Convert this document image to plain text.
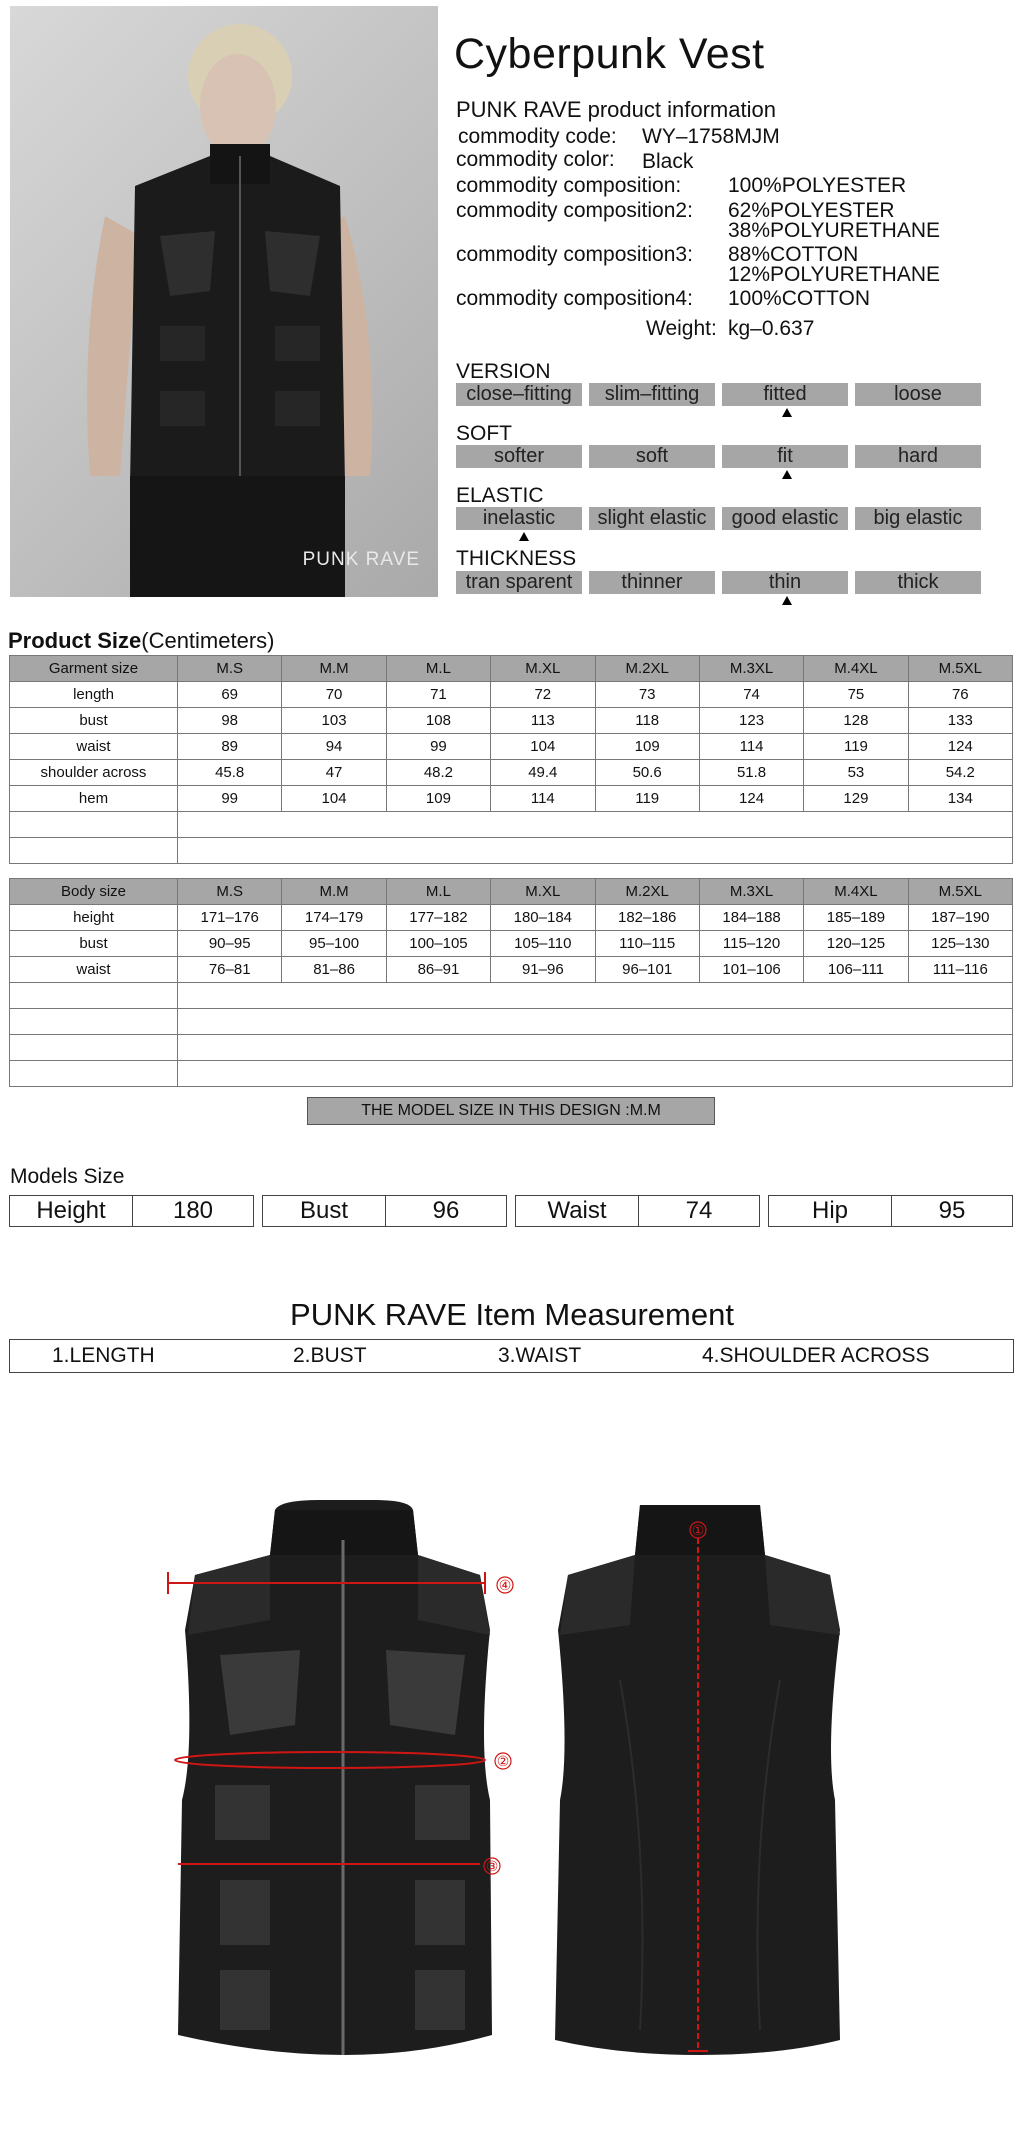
PUNK RAVE
Cyberpunk Vest
PUNK RAVE product information
commodity code: WY–1758MJM
commodity color: Black
commodity composition: 100%POLYESTER
commodity composition2: 62%POLYESTER
38%POLYURETHANE
commodity composition3: 88%COTTON
12%POLYURETHANE
commodity composition4: 100%COTTON
Weight: kg–0.637
VERSION
close–fitting	slim–fitting	fitted	loose
SOFT
softer	soft	fit	hard
ELASTIC
inelastic	slight elastic	good elastic	big elastic
THICKNESS
tran sparent	thinner	thin	thick
Product Size(Centimeters)
Garment size	M.S	M.M	M.L	M.XL	M.2XL	M.3XL	M.4XL	M.5XL
length	69	70	71	72	73	74	75	76
bust	98	103	108	113	118	123	128	133
waist	89	94	99	104	109	114	119	124
shoulder across	45.8	47	48.2	49.4	50.6	51.8	53	54.2
hem	99	104	109	114	119	124	129	134

Body size	M.S	M.M	M.L	M.XL	M.2XL	M.3XL	M.4XL	M.5XL
height	171–176	174–179	177–182	180–184	182–186	184–188	185–189	187–190
bust	90–95	95–100	100–105	105–110	110–115	115–120	120–125	125–130
waist	76–81	81–86	86–91	91–96	96–101	101–106	106–111	111–116

THE MODEL SIZE IN THIS DESIGN :M.M
Models Size
Height	180	Bust	96	Waist	74	Hip	95
PUNK RAVE Item Measurement
1.LENGTH	2.BUST	3.WAIST	4.SHOULDER ACROSS
④
②
③
①
